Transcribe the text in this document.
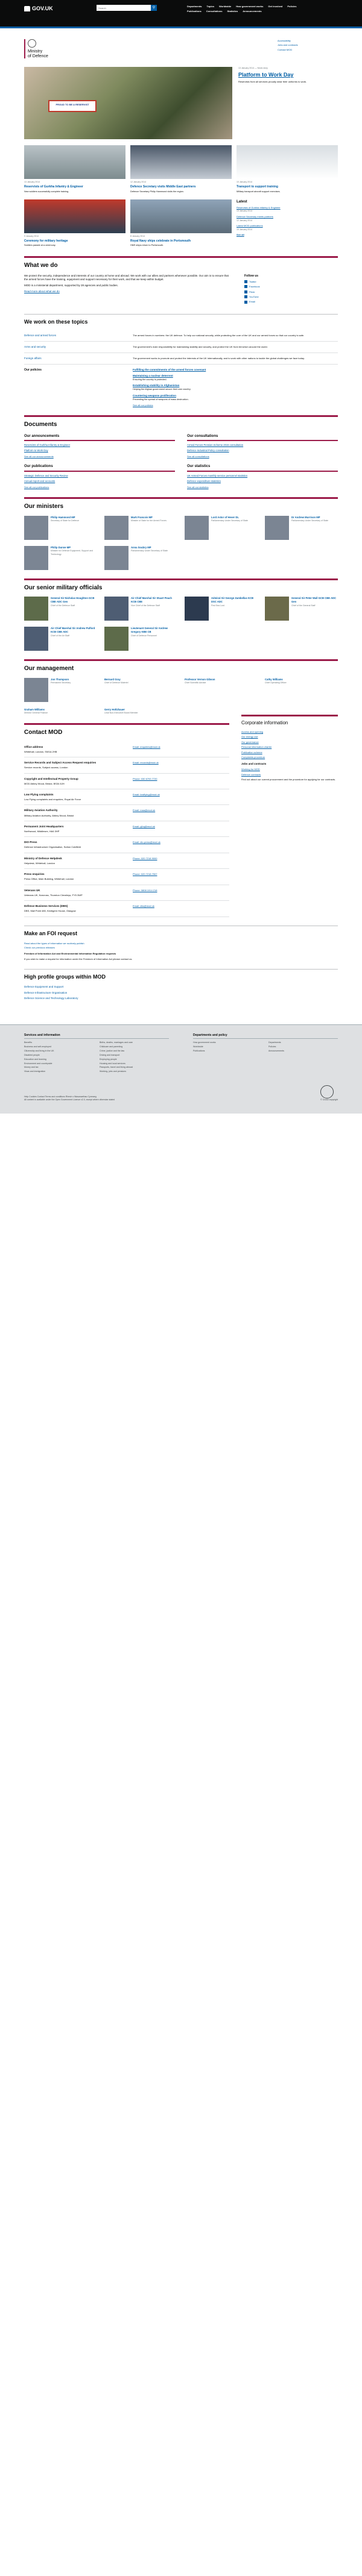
GOV.UK
Search	⚲	Departments Topics Worldwide How government works Get involved Policies
Publications Consultations Statistics Announcements
Ministry
of Defence
Accessibility
Jobs and contracts
Contact MOD
PROUD TO BE A RESERVIST
13 January 2014 — News story
Platform to Work Day
Reservists from all services proudly wear their uniforms to work.
13 January 2014
Reservists of Gurkha Infantry & Engineer
New soldiers successfully complete training.
12 January 2014
Defence Secretary visits Middle East partners
Defence Secretary Philip Hammond visits the region.
10 January 2014
Transport to support training
Military transport aircraft support exercises.
9 January 2014
Ceremony for military heritage
Soldiers parade at a ceremony.
8 January 2014
Royal Navy ships celebrate in Portsmouth
HMS ships return to Portsmouth.
Latest
Reservists of Gurkha Infantry & Engineer
13 January 2014
Defence Secretary meets partners
12 January 2014
Latest MOD publications
10 January 2014
See all
What we do

We protect the security, independence and interests of our country at home and abroad. We work with our allies and partners whenever possible. Our aim is to ensure that the armed forces have the training, equipment and support necessary for their work, and that we keep within budget.

MOD is a ministerial department, supported by 28 agencies and public bodies.

Read more about what we do

Follow us
Twitter
Facebook
Flickr
YouTube
Email
We work on these topics
Defence and armed forces	The armed forces in numbers: the UK defence. To help our national security, while protecting the core of the UK and our armed forces so that our country is safe.
Arms and security	The government's main responsibility for maintaining stability and security, and protect the UK from terrorism around the world.
Foreign affairs	The government works to promote and protect the interests of the UK internationally, and to work with other nations to tackle the global challenges we face today.
Our policies	Fulfilling the commitments of the armed forces covenant
Maintaining a nuclear deterrent
Ensuring the country is protected.
Establishing stability in Afghanistan
Helping the Afghan government secure their own country.
Countering weapons proliferation
Preventing the spread of weapons of mass destruction.
See all our policies
Documents
Our announcements
Reservists of Gurkha Infantry & Engineer
Platform to Work Day
See all our announcements
Our consultations
Armed Forces Pension Scheme 2015 consultation
Defence Industrial Policy consultation
See all consultations
Our publications
Strategic Defence and Security Review
Annual report and accounts
See all our publications
Our statistics
UK Armed Forces monthly service personnel statistics
Defence expenditure statistics
See all our statistics
Our ministers
Philip Hammond MP
Secretary of State for Defence
Mark Francois MP
Minister of State for the Armed Forces
Lord Astor of Hever DL
Parliamentary Under Secretary of State
Dr Andrew Murrison MP
Parliamentary Under Secretary of State
Philip Dunne MP
Minister for Defence Equipment, Support and Technology
Anna Soubry MP
Parliamentary Under Secretary of State
Our senior military officials
General Sir Nicholas Houghton GCB CBE ADC Gen
Chief of the Defence Staff
Air Chief Marshal Sir Stuart Peach KCB CBE
Vice Chief of the Defence Staff
Admiral Sir George Zambellas KCB DSC ADC
First Sea Lord
General Sir Peter Wall GCB CBE ADC Gen
Chief of the General Staff
Air Chief Marshal Sir Andrew Pulford KCB CBE ADC
Chief of the Air Staff
Lieutenant General Sir Andrew Gregory KBE CB
Chief of Defence Personnel
Our management
Jon Thompson
Permanent Secretary
Bernard Gray
Chief of Defence Materiel
Professor Vernon Gibson
Chief Scientific Adviser
Cathy Williams
Chief Operating Officer
Graham Williams
Director General Finance
Gerry Holtzhauer
Lead Non-Executive Board Member
Contact MOD
Office address
Whitehall, London, SW1A 2HB
Email: enquiries@mod.uk
Service Records and Subject Access Request enquiries
Service records, Subject access, London
Email: records@mod.uk
Copyright and Intellectual Property Group
MOD Abbey Wood, Bristol, BS34 8JH
Phone: 030 6793 7720
Low Flying complaints
Low Flying complaints and enquiries, Royal Air Force
Email: lowflying@mod.uk
Military Aviation Authority
Military Aviation Authority, Abbey Wood, Bristol
Email: maa@mod.uk
Permanent Joint Headquarters
Northwood, Middlesex, HA6 3HP
Email: pjhq@mod.uk
DIO Press
Defence Infrastructure Organisation, Sutton Coldfield
Email: dio-press@mod.uk
Ministry of Defence Helpdesk
Helpdesk, Whitehall, London
Phone: 020 7218 9000
Press enquiries
Press Office, Main Building, Whitehall, London
Phone: 020 7218 7907
Veterans UK
Veterans UK, Norcross, Thornton Cleveleys, FY5 3WP
Phone: 0808 1914 218
Defence Business Services (DBS)
DBS, Mail Point 480, Kentigern House, Glasgow
Email: dbs@mod.uk
Corporate information
Access and opening
Our energy use
Our governance
Personal information charter
Publication scheme
Complaints procedure
Jobs and contracts
Working for MOD
Defence contracts
Find out about our current procurement and the procedure for applying for our contracts.
Make an FOI request
Read about the types of information we routinely publish
Check our previous releases

Freedom of Information Act and Environmental Information Regulation requests

If you wish to make a request for information under the Freedom of Information Act please contact us.

High profile groups within MOD
Defence Equipment and Support
Defence Infrastructure Organisation
Defence Science and Technology Laboratory
Services and information
Benefits	Births, deaths, marriages and care
Business and self-employed	Childcare and parenting
Citizenship and living in the UK	Crime, justice and the law
Disabled people	Driving and transport
Education and learning	Employing people
Environment and countryside	Housing and local services
Money and tax	Passports, travel and living abroad
Visas and immigration	Working, jobs and pensions
Departments and policy
How government works	Departments
Worldwide	Policies
Publications	Announcements
Help Cookies Contact Terms and conditions Rhestr o Wasanaethau Cymraeg
All content is available under the Open Government Licence v2.0, except where otherwise stated	© Crown copyright
